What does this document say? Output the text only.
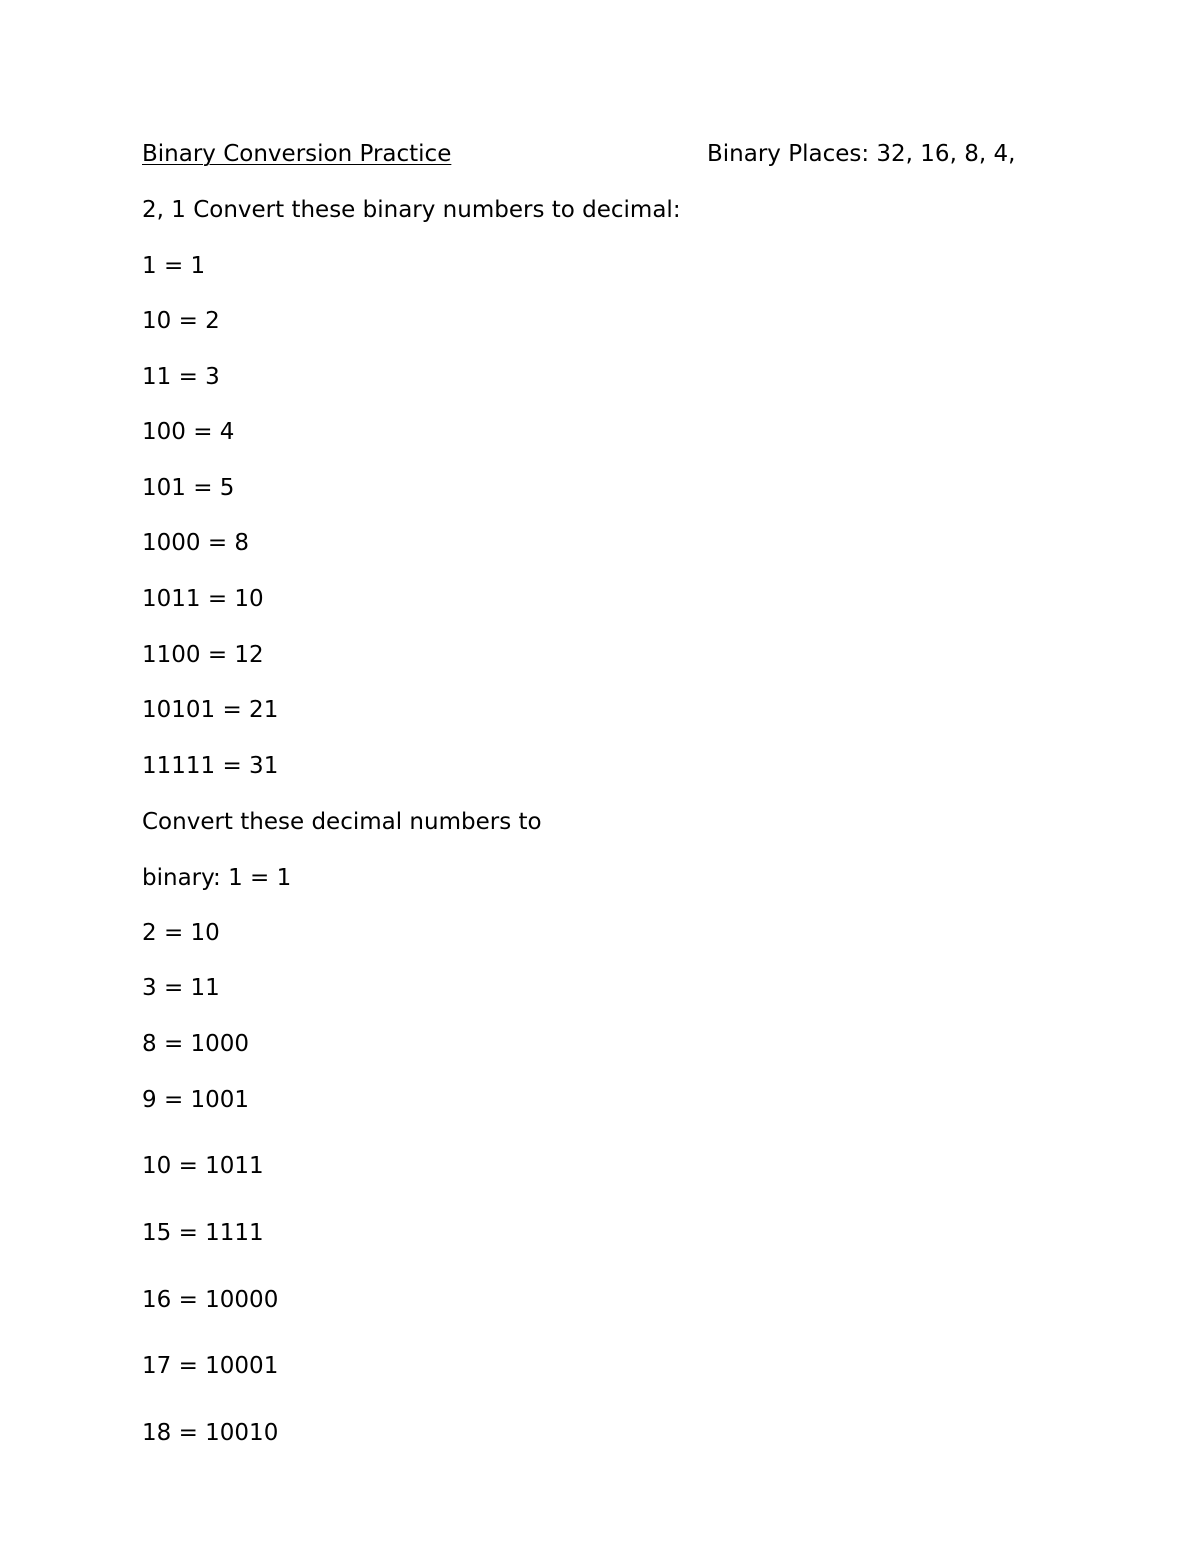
Binary Conversion Practice	Binary Places: 32, 16, 8, 4,

2, 1 Convert these binary numbers to decimal:

1 = 1

10 = 2

11 = 3

100 = 4

101 = 5

1000 = 8

1011 = 10

1100 = 12

10101 = 21

11111 = 31

Convert these decimal numbers to

binary: 1 = 1

2 = 10

3 = 11

8 = 1000

9 = 1001

10 = 1011

15 = 1111

16 = 10000

17 = 10001

18 = 10010
